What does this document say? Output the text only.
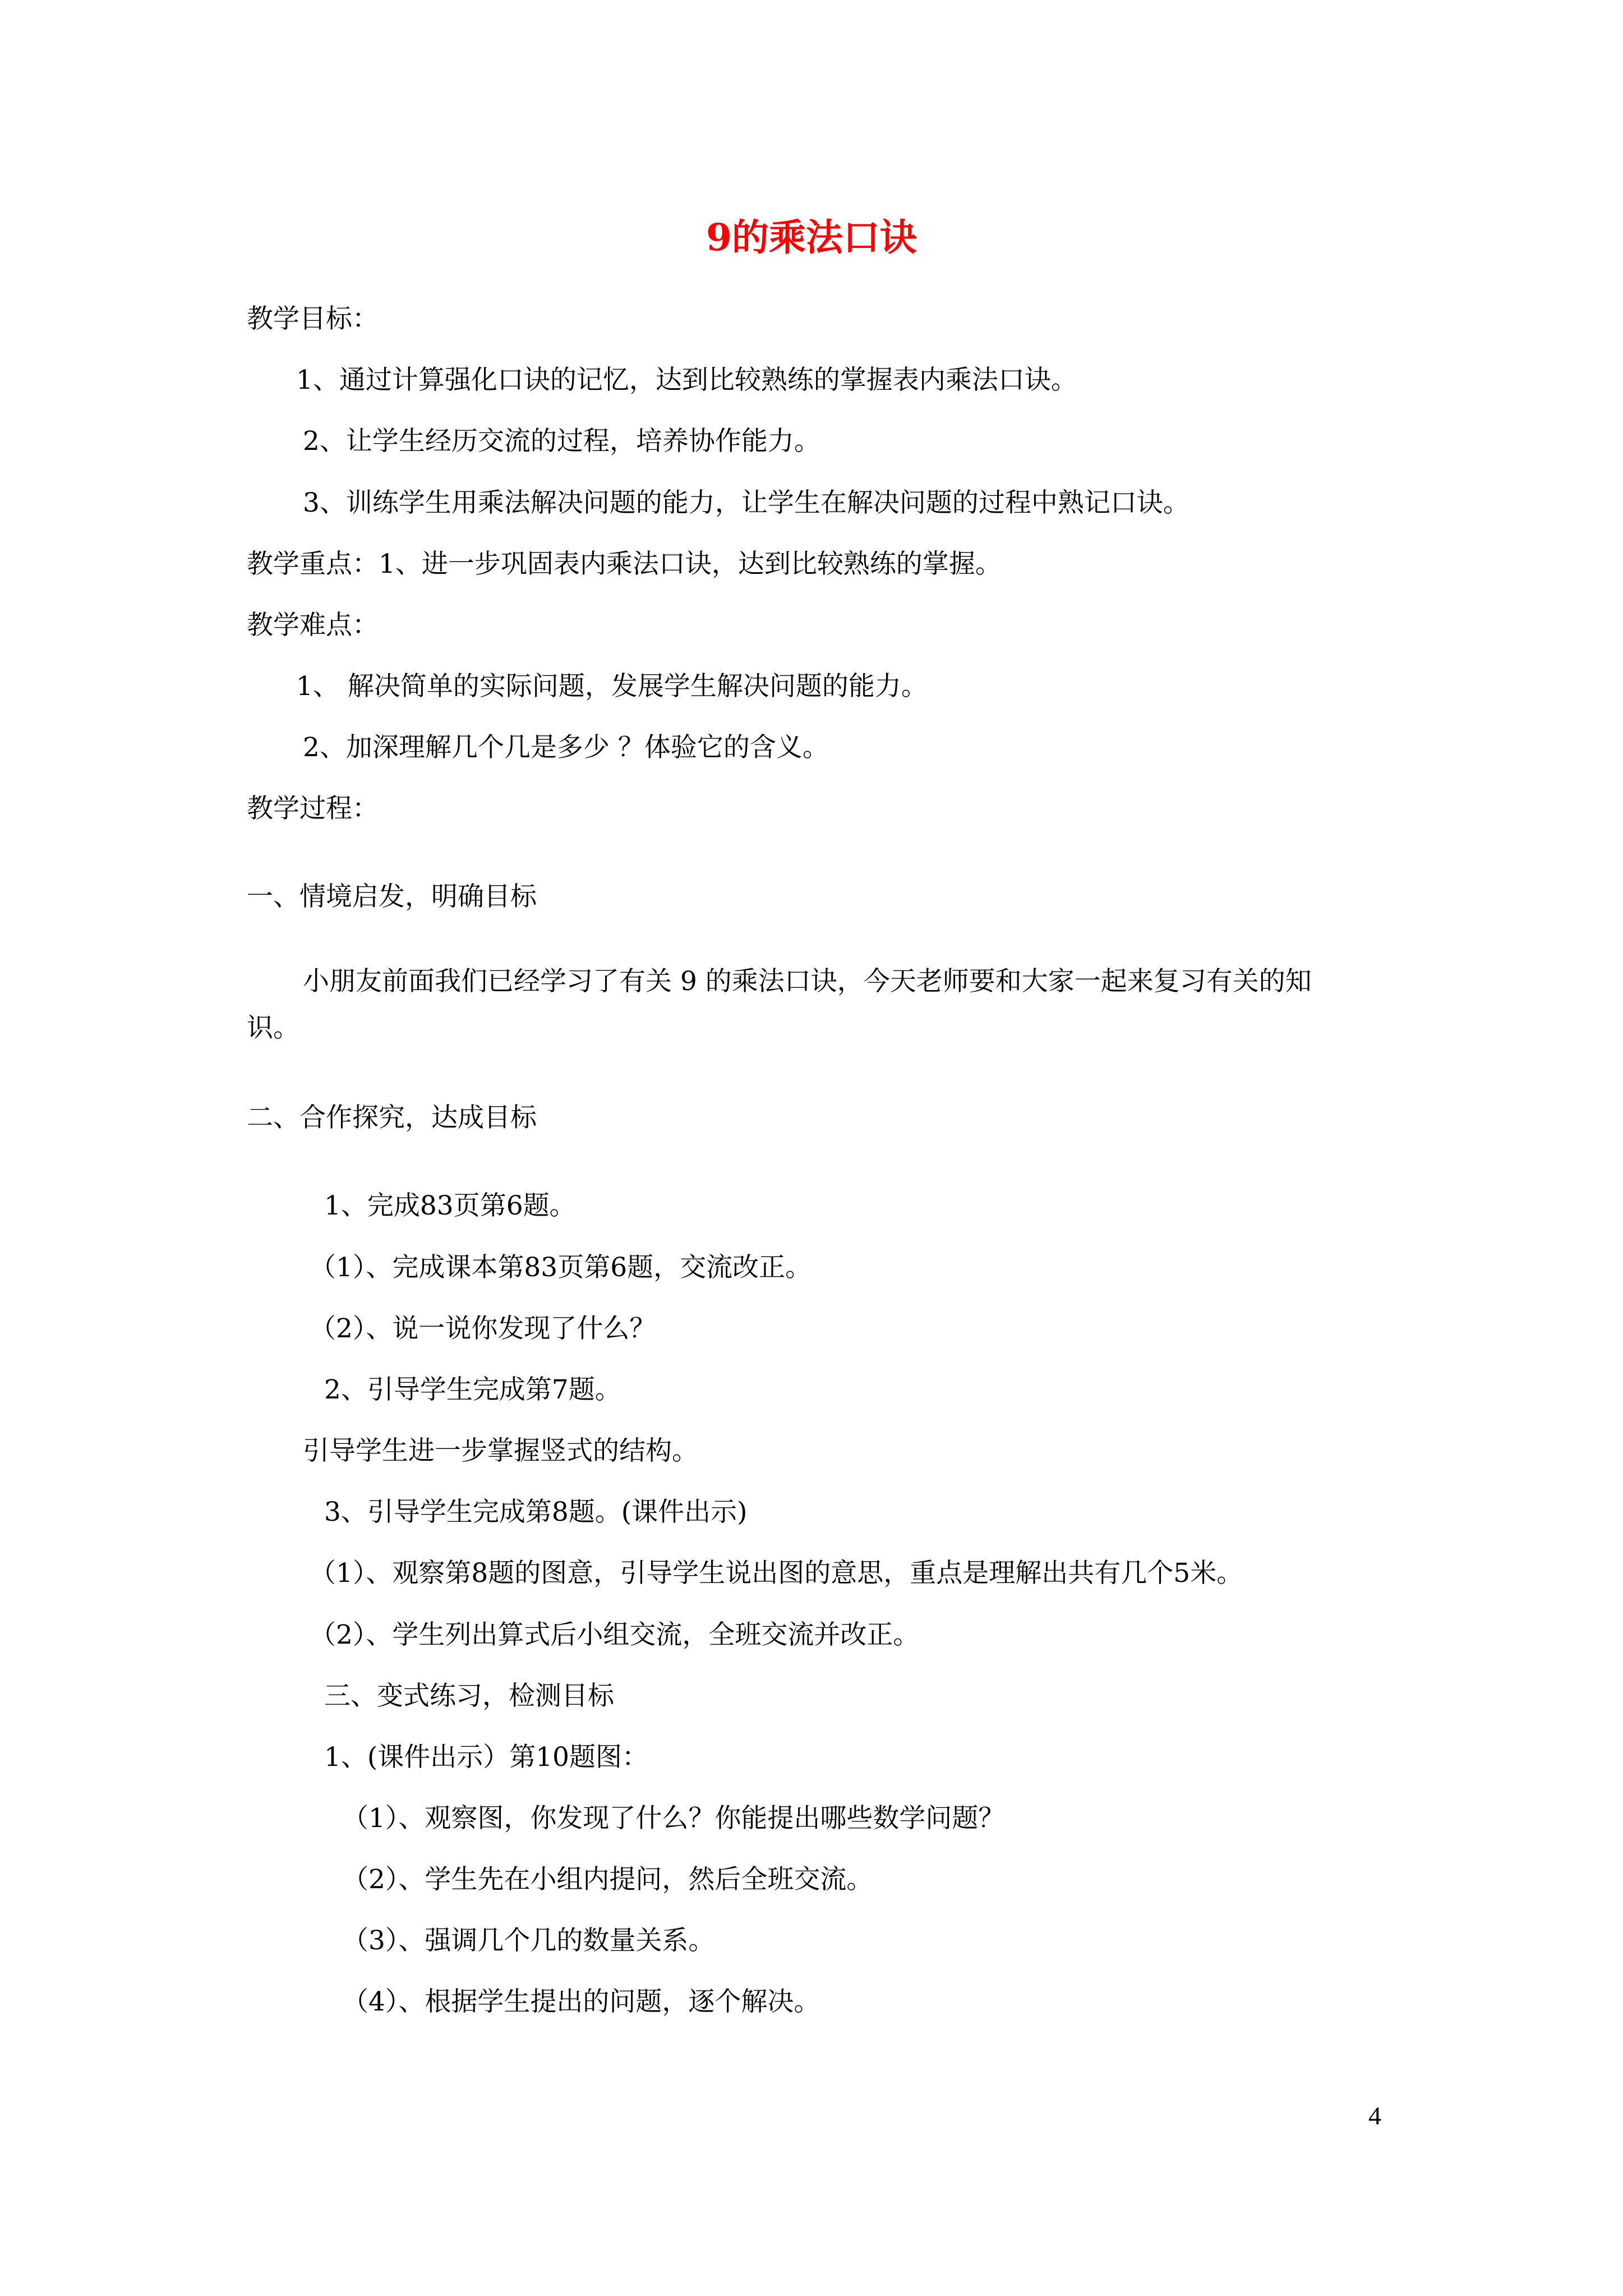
9的乘法口诀
教学目标：
1、通过计算强化口诀的记忆，达到比较熟练的掌握表内乘法口诀。
2、让学生经历交流的过程，培养协作能力。
3、训练学生用乘法解决问题的能力，让学生在解决问题的过程中熟记口诀。
教学重点：1、进一步巩固表内乘法口诀，达到比较熟练的掌握。
教学难点：
1、 解决简单的实际问题，发展学生解决问题的能力。
2、加深理解几个几是多少 ？体验它的含义。
教学过程：
一、情境启发，明确目标
小朋友前面我们已经学习了有关 9 的乘法口诀，今天老师要和大家一起来复习有关的知
识。
二、合作探究，达成目标
1、完成83页第6题。
（1）、完成课本第83页第6题，交流改正。
（2）、说一说你发现了什么？
2、引导学生完成第7题。
引导学生进一步掌握竖式的结构。
3、引导学生完成第8题。(课件出示)
（1）、观察第8题的图意，引导学生说出图的意思，重点是理解出共有几个5米。
（2）、学生列出算式后小组交流，全班交流并改正。
三、变式练习，检测目标
1、(课件出示）第10题图：
（1）、观察图，你发现了什么？你能提出哪些数学问题？
（2）、学生先在小组内提问，然后全班交流。
（3）、强调几个几的数量关系。
（4）、根据学生提出的问题，逐个解决。
4
